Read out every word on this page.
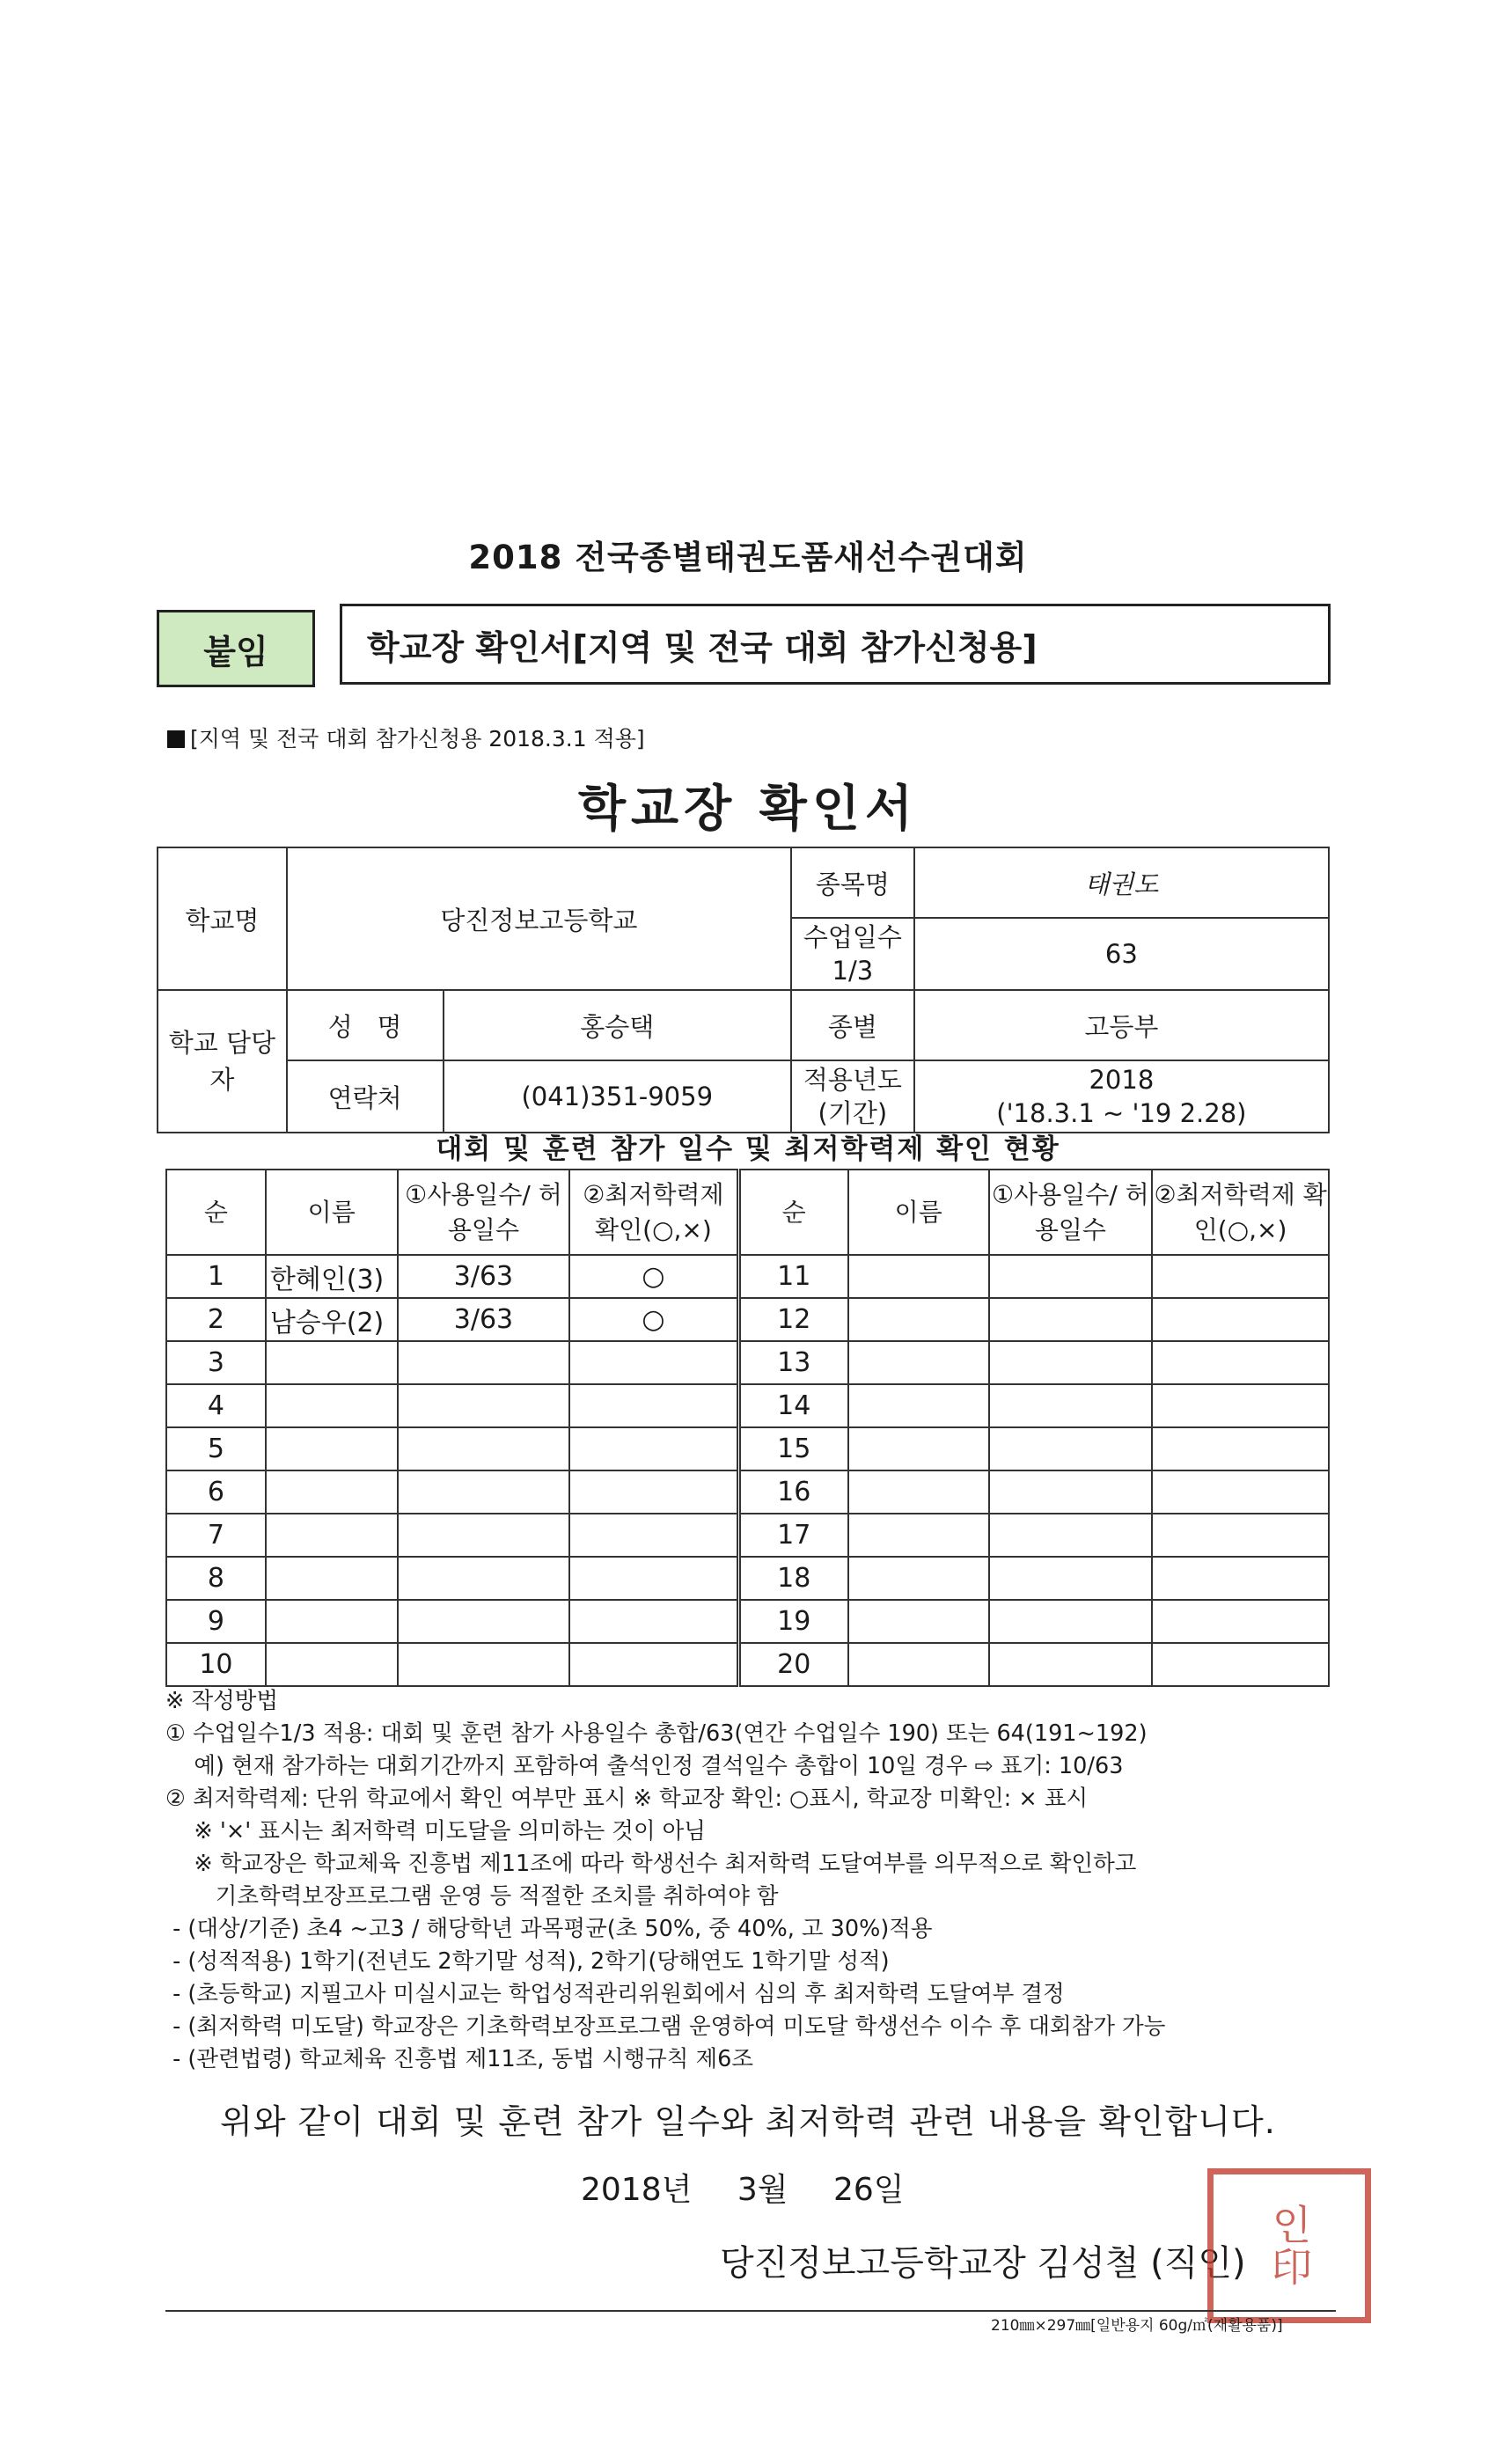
2018 전국종별태권도품새선수권대회
붙임	학교장 확인서[지역 및 전국 대회 참가신청용]
[지역 및 전국 대회 참가신청용 2018.3.1 적용]
학교장 확인서
학교명	당진정보고등학교		종목명	태권도
			수업일수 1/3	63
학교 담당자	성   명	홍승택	종별	고등부
	연락처	(041)351-9059	적용년도 (기간)	2018
('18.3.1 ~ '19 2.28)
대회 및 훈련 참가 일수 및 최저학력제 확인 현황
순	이름	①사용일수/ 허용일수	②최저학력제 확인(○,×)	순	이름	①사용일수/ 허용일수	②최저학력제 확인(○,×)
1	한혜인(3)	3/63	○	11			
2	남승우(2)	3/63	○	12			
3				13			
4				14			
5				15			
6				16			
7				17			
8				18			
9				19			
10				20			
※ 작성방법
① 수업일수1/3 적용: 대회 및 훈련 참가 사용일수 총합/63(연간 수업일수 190) 또는 64(191~192)
예) 현재 참가하는 대회기간까지 포함하여 출석인정 결석일수 총합이 10일 경우 ⇨ 표기: 10/63
② 최저학력제: 단위 학교에서 확인 여부만 표시 ※ 학교장 확인: ○표시, 학교장 미확인: × 표시
※ '×' 표시는 최저학력 미도달을 의미하는 것이 아님
※ 학교장은 학교체육 진흥법 제11조에 따라 학생선수 최저학력 도달여부를 의무적으로 확인하고
기초학력보장프로그램 운영 등 적절한 조치를 취하여야 함
- (대상/기준) 초4 ~고3 / 해당학년 과목평균(초 50%, 중 40%, 고 30%)적용
- (성적적용) 1학기(전년도 2학기말 성적), 2학기(당해연도 1학기말 성적)
- (초등학교) 지필고사 미실시교는 학업성적관리위원회에서 심의 후 최저학력 도달여부 결정
- (최저학력 미도달) 학교장은 기초학력보장프로그램 운영하여 미도달 학생선수 이수 후 대회참가 가능
- (관련법령) 학교체육 진흥법 제11조, 동법 시행규칙 제6조
위와 같이 대회 및 훈련 참가 일수와 최저학력 관련 내용을 확인합니다.
2018년 3월 26일
당진정보고등학교장 김성철 (직인) 인印
210㎜×297㎜[일반용지 60g/㎡(재활용품)]
